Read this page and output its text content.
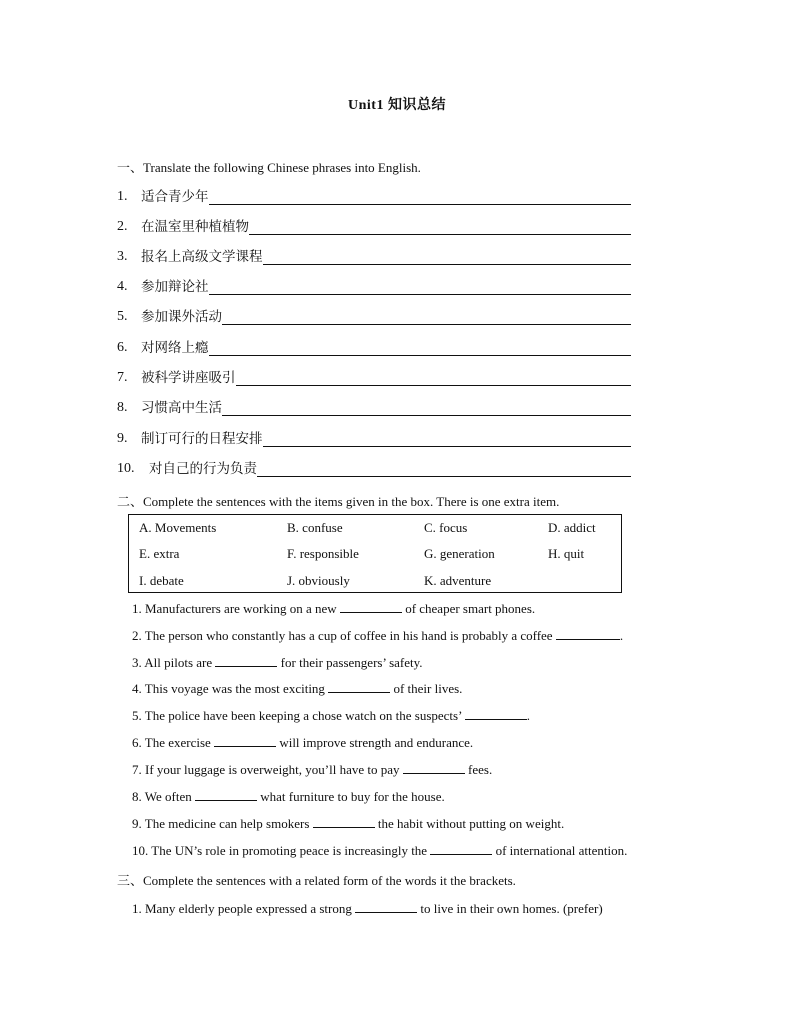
Unit1 知识总结
一、Translate the following Chinese phrases into English.
1.	适合青少年
2.	在温室里种植植物
3.	报名上高级文学课程
4.	参加辩论社
5.	参加课外活动
6.	对网络上瘾
7.	被科学讲座吸引
8.	习惯高中生活
9.	制订可行的日程安排
10.	对自己的行为负责
二、Complete the sentences with the items given in the box. There is one extra item.
A. Movements	B. confuse	C. focus	D. addict
E. extra	F. responsible	G. generation	H. quit
I. debate	J. obviously	K. adventure
1. Manufacturers are working on a new	of cheaper smart phones.
2. The person who constantly has a cup of coffee in his hand is probably a coffee	.
3. All pilots are	for their passengers’ safety.
4. This voyage was the most exciting	of their lives.
5. The police have been keeping a chose watch on the suspects’	.
6. The exercise	will improve strength and endurance.
7. If your luggage is overweight, you’ll have to pay	fees.
8. We often	what furniture to buy for the house.
9. The medicine can help smokers	the habit without putting on weight.
10. The UN’s role in promoting peace is increasingly the	of international attention.
三、Complete the sentences with a related form of the words it the brackets.
1. Many elderly people expressed a strong	to live in their own homes. (prefer)
